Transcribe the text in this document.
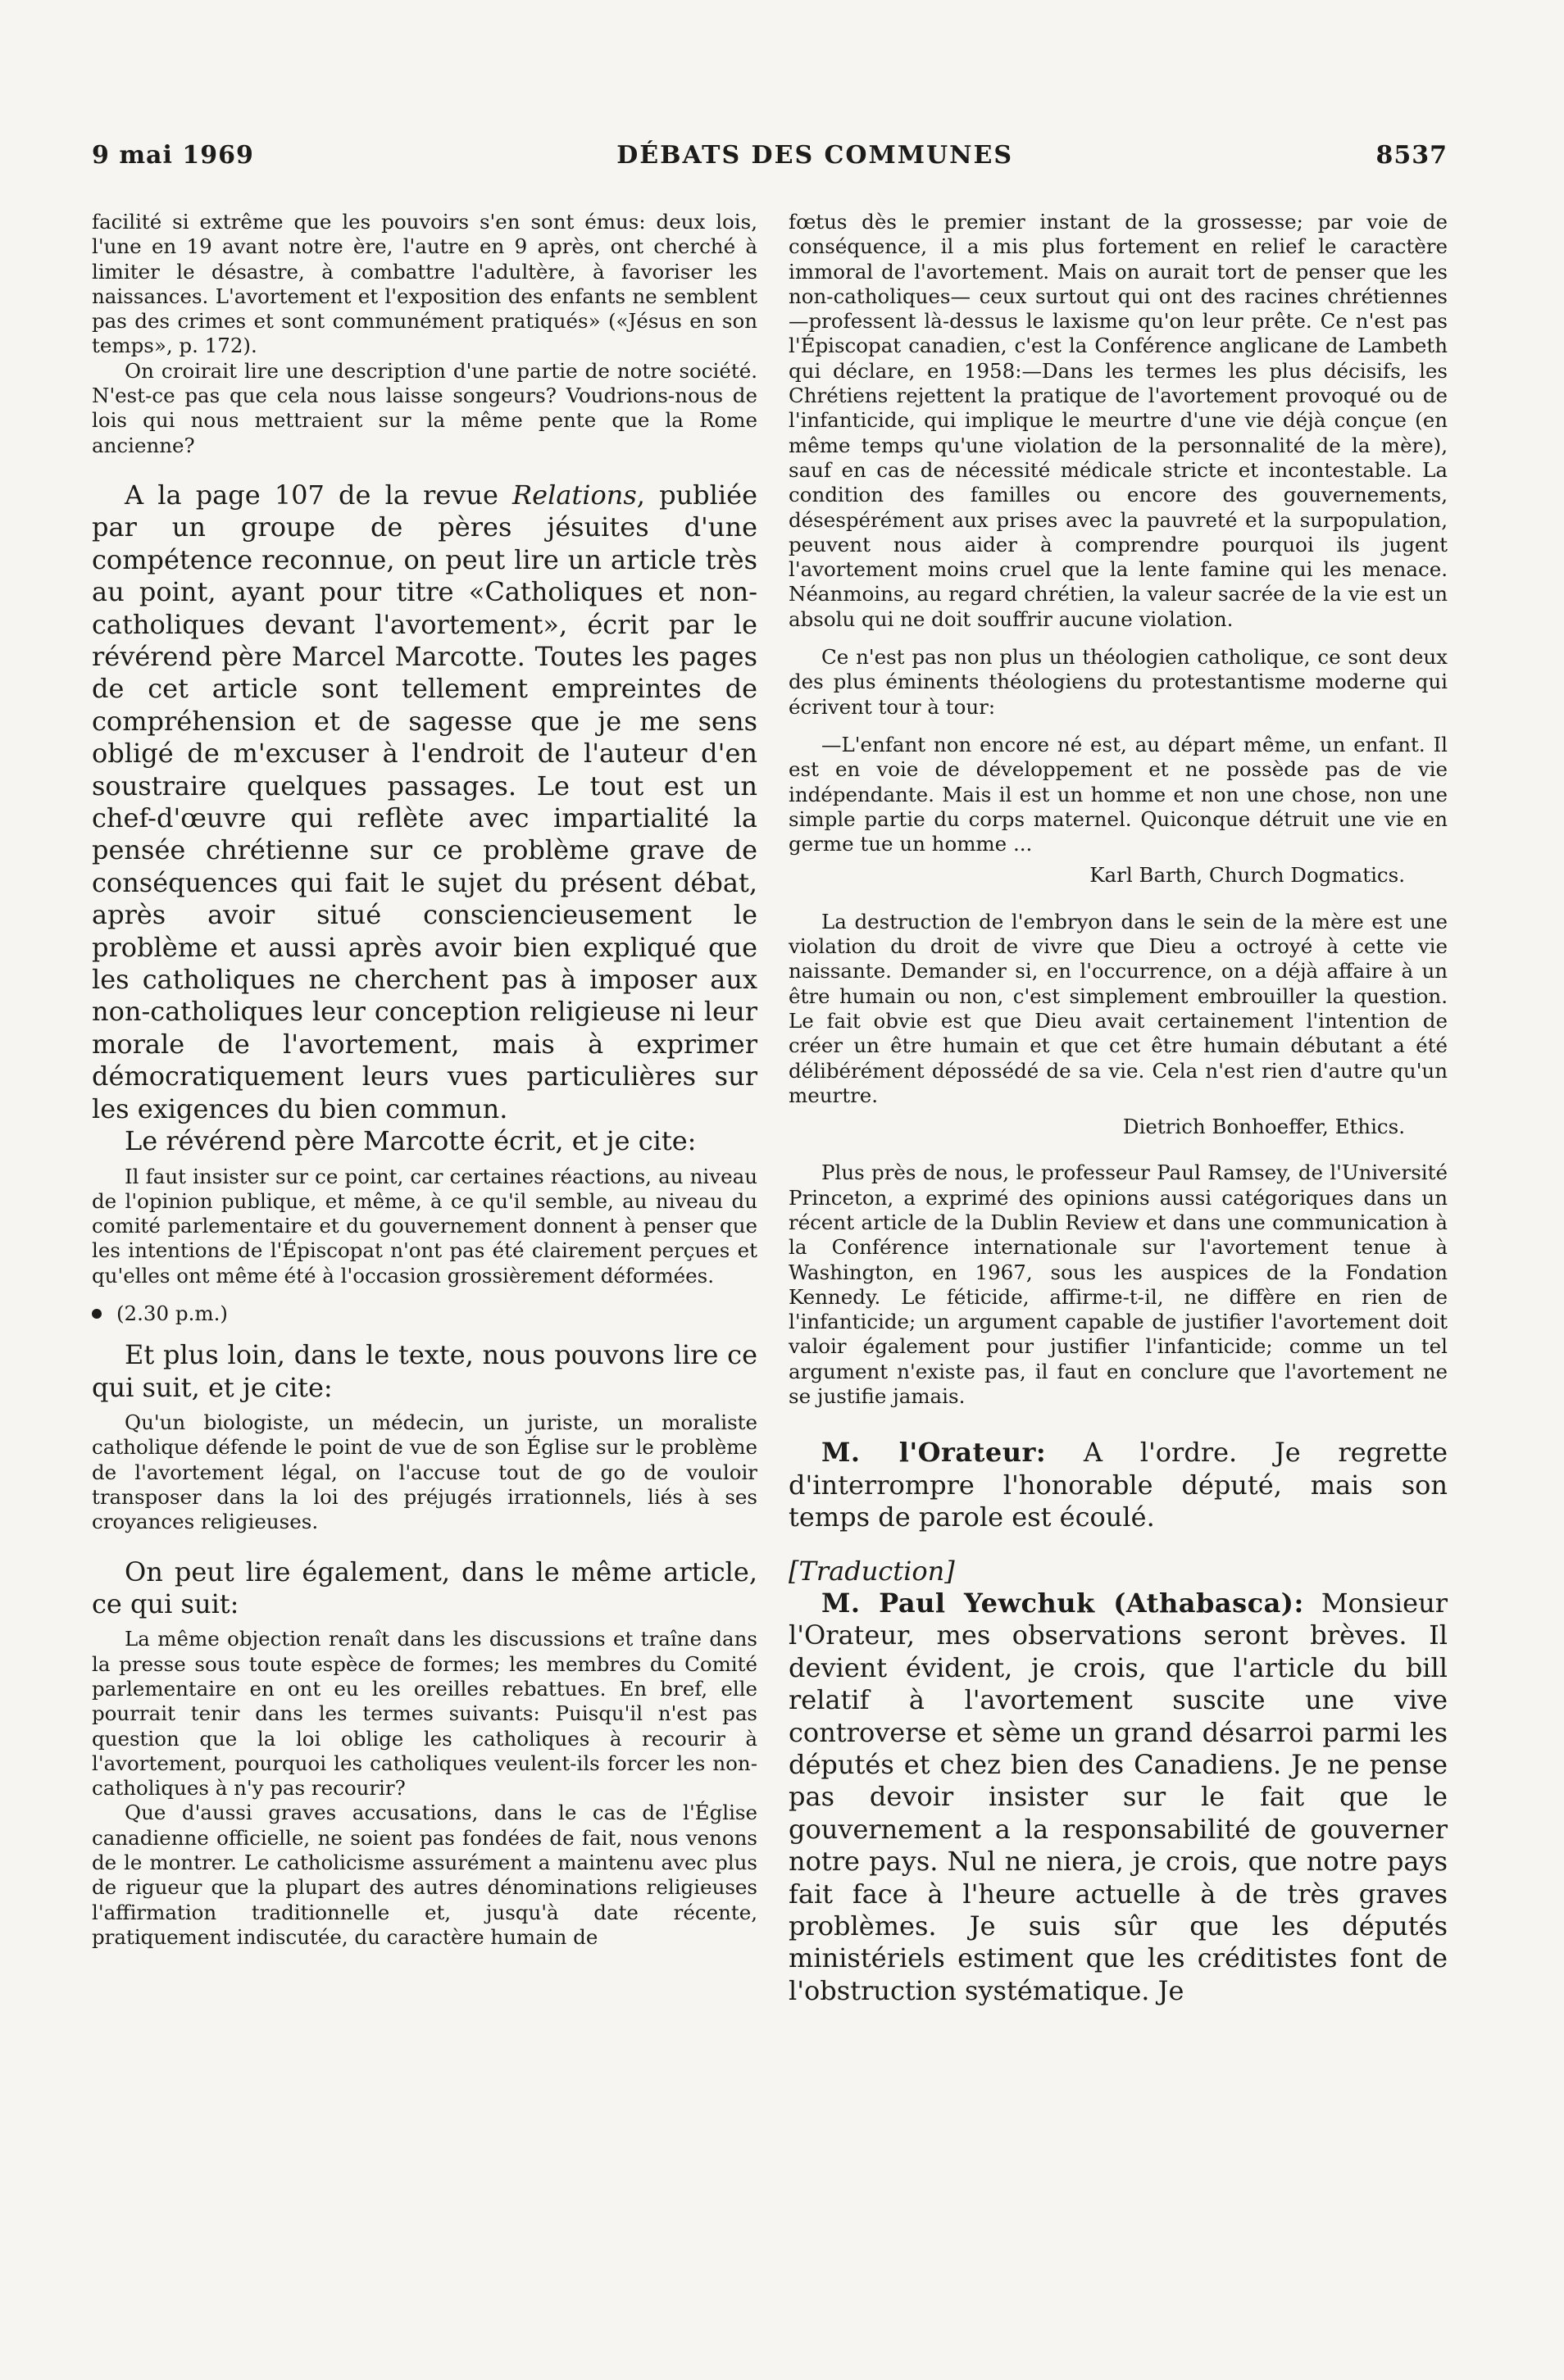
9 mai 1969	DÉBATS DES COMMUNES	8537

facilité si extrême que les pouvoirs s'en sont émus: deux lois, l'une en 19 avant notre ère, l'autre en 9 après, ont cherché à limiter le désastre, à combattre l'adultère, à favoriser les naissances. L'avortement et l'exposition des enfants ne semblent pas des crimes et sont communément pratiqués» («Jésus en son temps», p. 172).

On croirait lire une description d'une partie de notre société. N'est-ce pas que cela nous laisse songeurs? Voudrions-nous de lois qui nous mettraient sur la même pente que la Rome ancienne?

A la page 107 de la revue Relations, publiée par un groupe de pères jésuites d'une compétence reconnue, on peut lire un article très au point, ayant pour titre «Catholiques et non-catholiques devant l'avortement», écrit par le révérend père Marcel Marcotte. Toutes les pages de cet article sont tellement empreintes de compréhension et de sagesse que je me sens obligé de m'excuser à l'endroit de l'auteur d'en soustraire quelques passages. Le tout est un chef-d'œuvre qui reflète avec impartialité la pensée chrétienne sur ce problème grave de conséquences qui fait le sujet du présent débat, après avoir situé consciencieusement le problème et aussi après avoir bien expliqué que les catholiques ne cherchent pas à imposer aux non-catholiques leur conception religieuse ni leur morale de l'avortement, mais à exprimer démocratiquement leurs vues particulières sur les exigences du bien commun.

Le révérend père Marcotte écrit, et je cite:

Il faut insister sur ce point, car certaines réactions, au niveau de l'opinion publique, et même, à ce qu'il semble, au niveau du comité parlementaire et du gouvernement donnent à penser que les intentions de l'Épiscopat n'ont pas été clairement perçues et qu'elles ont même été à l'occasion grossièrement déformées.

(2.30 p.m.)

Et plus loin, dans le texte, nous pouvons lire ce qui suit, et je cite:

Qu'un biologiste, un médecin, un juriste, un moraliste catholique défende le point de vue de son Église sur le problème de l'avortement légal, on l'accuse tout de go de vouloir transposer dans la loi des préjugés irrationnels, liés à ses croyances religieuses.

On peut lire également, dans le même article, ce qui suit:

La même objection renaît dans les discussions et traîne dans la presse sous toute espèce de formes; les membres du Comité parlementaire en ont eu les oreilles rebattues. En bref, elle pourrait tenir dans les termes suivants: Puisqu'il n'est pas question que la loi oblige les catholiques à recourir à l'avortement, pourquoi les catholiques veulent-ils forcer les non-catholiques à n'y pas recourir?

Que d'aussi graves accusations, dans le cas de l'Église canadienne officielle, ne soient pas fondées de fait, nous venons de le montrer. Le catholicisme assurément a maintenu avec plus de rigueur que la plupart des autres dénominations religieuses l'affirmation traditionnelle et, jusqu'à date récente, pratiquement indiscutée, du caractère humain de

fœtus dès le premier instant de la grossesse; par voie de conséquence, il a mis plus fortement en relief le caractère immoral de l'avortement. Mais on aurait tort de penser que les non-catholiques— ceux surtout qui ont des racines chrétiennes—professent là-dessus le laxisme qu'on leur prête. Ce n'est pas l'Épiscopat canadien, c'est la Conférence anglicane de Lambeth qui déclare, en 1958:—Dans les termes les plus décisifs, les Chrétiens rejettent la pratique de l'avortement provoqué ou de l'infanticide, qui implique le meurtre d'une vie déjà conçue (en même temps qu'une violation de la personnalité de la mère), sauf en cas de nécessité médicale stricte et incontestable. La condition des familles ou encore des gouvernements, désespérément aux prises avec la pauvreté et la surpopulation, peuvent nous aider à comprendre pourquoi ils jugent l'avortement moins cruel que la lente famine qui les menace. Néanmoins, au regard chrétien, la valeur sacrée de la vie est un absolu qui ne doit souffrir aucune violation.

Ce n'est pas non plus un théologien catholique, ce sont deux des plus éminents théologiens du protestantisme moderne qui écrivent tour à tour:

—L'enfant non encore né est, au départ même, un enfant. Il est en voie de développement et ne possède pas de vie indépendante. Mais il est un homme et non une chose, non une simple partie du corps maternel. Quiconque détruit une vie en germe tue un homme ...

Karl Barth, Church Dogmatics.

La destruction de l'embryon dans le sein de la mère est une violation du droit de vivre que Dieu a octroyé à cette vie naissante. Demander si, en l'occurrence, on a déjà affaire à un être humain ou non, c'est simplement embrouiller la question. Le fait obvie est que Dieu avait certainement l'intention de créer un être humain et que cet être humain débutant a été délibérément dépossédé de sa vie. Cela n'est rien d'autre qu'un meurtre.

Dietrich Bonhoeffer, Ethics.

Plus près de nous, le professeur Paul Ramsey, de l'Université Princeton, a exprimé des opinions aussi catégoriques dans un récent article de la Dublin Review et dans une communication à la Conférence internationale sur l'avortement tenue à Washington, en 1967, sous les auspices de la Fondation Kennedy. Le féticide, affirme-t-il, ne diffère en rien de l'infanticide; un argument capable de justifier l'avortement doit valoir également pour justifier l'infanticide; comme un tel argument n'existe pas, il faut en conclure que l'avortement ne se justifie jamais.

M. l'Orateur: A l'ordre. Je regrette d'interrompre l'honorable député, mais son temps de parole est écoulé.

[Traduction]

M. Paul Yewchuk (Athabasca): Monsieur l'Orateur, mes observations seront brèves. Il devient évident, je crois, que l'article du bill relatif à l'avortement suscite une vive controverse et sème un grand désarroi parmi les députés et chez bien des Canadiens. Je ne pense pas devoir insister sur le fait que le gouvernement a la responsabilité de gouverner notre pays. Nul ne niera, je crois, que notre pays fait face à l'heure actuelle à de très graves problèmes. Je suis sûr que les députés ministériels estiment que les créditistes font de l'obstruction systématique. Je
